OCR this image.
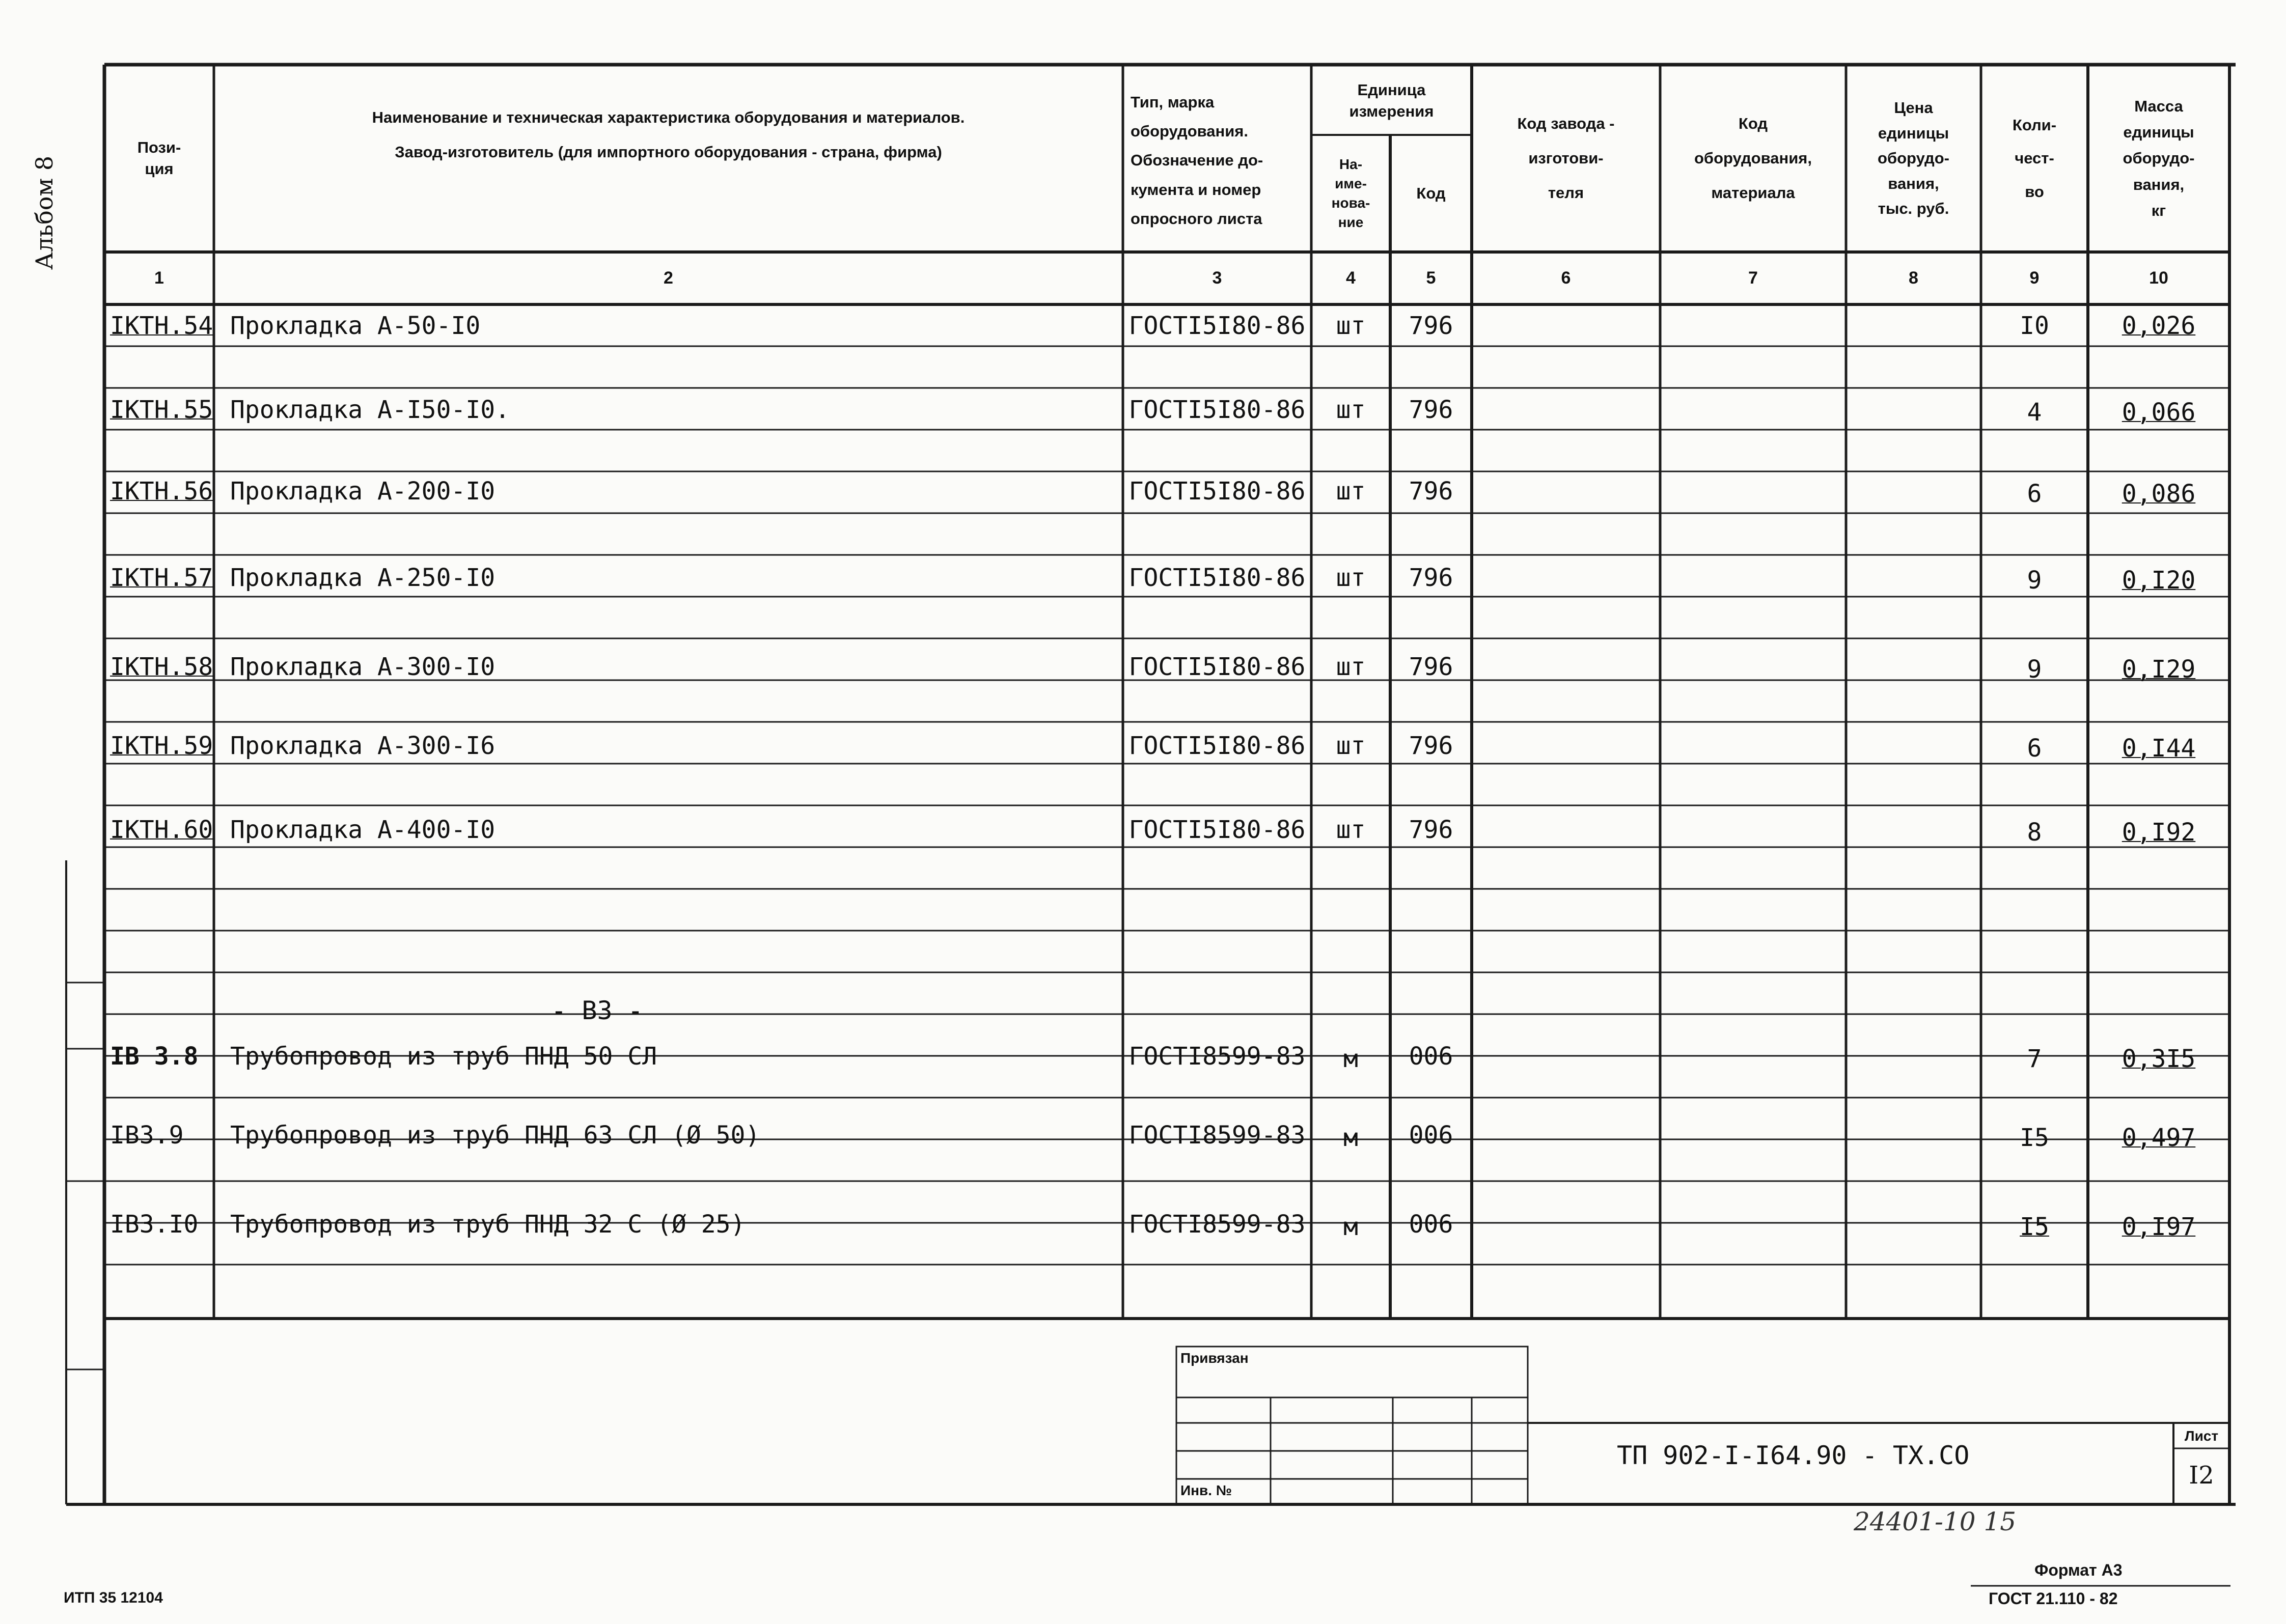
Альбом 8
Пози-
ция
Наименование и техническая характеристика оборудования и материалов.
Завод-изготовитель (для импортного оборудования - страна, фирма)
Тип, марка
оборудования.
Обозначение до-
кумента и номер
опросного листа
Единица
измерения
На-
име-
нова-
ние
Код
Код завода -
изготови-
теля
Код
оборудования,
материала
Цена
единицы
оборудо-
вания,
тыс. руб.
Коли-
чест-
во
Масса
единицы
оборудо-
вания,
кг
1	2	3	4	5	6	7	8	9	10
IKTH.54 Прокладка А-50-I0	ГОСТI5I80-86	шт	796	I0	0,026
IKTH.55 Прокладка А-I50-I0.	ГОСТI5I80-86	шт	796	4	0,066
IKTH.56 Прокладка А-200-I0	ГОСТI5I80-86	шт	796	6	0,086
IKTH.57 Прокладка А-250-I0	ГОСТI5I80-86	шт	796	9	0,I20
IKTH.58 Прокладка А-300-I0	ГОСТI5I80-86	шт	796	9	0,I29
IKTH.59 Прокладка А-300-I6	ГОСТI5I80-86	шт	796	6	0,I44
IKTH.60 Прокладка А-400-I0	ГОСТI5I80-86	шт	796	8	0,I92
- В3 -
IB 3.8	Трубопровод из труб ПНД 50 СЛ	ГОСТI8599-83	м	006	7	0,3I5
IB3.9	Трубопровод из труб ПНД 63 СЛ (Ø 50)	ГОСТI8599-83	м	006	I5	0,497
IB3.I0	Трубопровод из труб ПНД 32 С (Ø 25)	ГОСТI8599-83	м	006	I5	0,I97
Привязан
Инв. №
ТП 902-I-I64.90 - ТХ.СО
Лист
I2
24401-10 15
Формат А3
ГОСТ 21.110 - 82
ИТП 35 12104
